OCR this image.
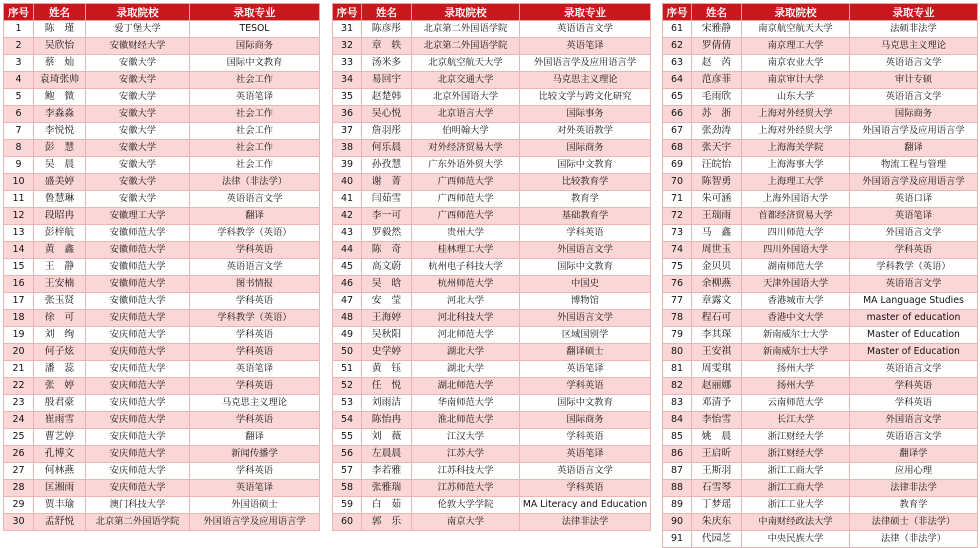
序号	姓名	录取院校	录取专业
1	陈　瑾	爱丁堡大学	TESOL
2	吴欣怡	安徽财经大学	国际商务
3	蔡　灿	安徽大学	国际中文教育
4	袁琦张帅	安徽大学	社会工作
5	鲍　微	安徽大学	英语笔译
6	李淼淼	安徽大学	社会工作
7	李悦悦	安徽大学	社会工作
8	彭　慧	安徽大学	社会工作
9	吴　晨	安徽大学	社会工作
10	盛美婷	安徽大学	法律（非法学）
11	鲁慧琳	安徽大学	英语语言文学
12	段昭冉	安徽理工大学	翻译
13	彭梓航	安徽师范大学	学科教学（英语）
14	黄　鑫	安徽师范大学	学科英语
15	王　静	安徽师范大学	英语语言文学
16	王安楠	安徽师范大学	图书情报
17	张玉贤	安徽师范大学	学科英语
18	徐　可	安庆师范大学	学科教学（英语）
19	刘　绚	安庆师范大学	学科英语
20	何子炫	安庆师范大学	学科英语
21	潘　蕊	安庆师范大学	英语笔译
22	张　婷	安庆师范大学	学科英语
23	殷君豪	安庆师范大学	马克思主义理论
24	崔雨雪	安庆师范大学	学科英语
25	曹艺婷	安庆师范大学	翻译
26	孔博文	安庆师范大学	新闻传播学
27	何林燕	安庆师范大学	学科英语
28	匡湘雨	安庆师范大学	英语笔译
29	贾丰瑜	澳门科技大学	外国语硕士
30	孟舒悦	北京第二外国语学院	外国语言学及应用语言学
序号	姓名	录取院校	录取专业
31	陈彦彤	北京第二外国语学院	英语语言文学
32	章　轶	北京第二外国语学院	英语笔译
33	汤米多	北京航空航天大学	外国语言学及应用语言学
34	易回宇	北京交通大学	马克思主义理论
35	赵楚韩	北京外国语大学	比较文学与跨文化研究
36	吴心悦	北京语言大学	国际事务
37	詹羽彤	伯明翰大学	对外英语教学
38	何乐晨	对外经济贸易大学	国际商务
39	孙孜慧	广东外语外贸大学	国际中文教育
40	谢　菁	广西师范大学	比较教育学
41	闫茹雪	广西师范大学	教育学
42	李一可	广西师范大学	基础教育学
43	罗毅然	贵州大学	学科英语
44	陈　奇	桂林理工大学	外国语言文学
45	高文蔚	杭州电子科技大学	国际中文教育
46	吴　晗	杭州师范大学	中国史
47	安　莹	河北大学	博物馆
48	王海婷	河北科技大学	外国语言文学
49	吴秋阳	河北师范大学	区域国别学
50	史学婷	湖北大学	翻译硕士
51	黄　钰	湖北大学	英语笔译
52	任　悦	湖北师范大学	学科英语
53	刘雨洁	华南师范大学	国际中文教育
54	陈怡冉	淮北师范大学	国际商务
55	刘　薇	江汉大学	学科英语
56	左晨晨	江苏大学	英语笔译
57	李若雅	江苏科技大学	英语语言文学
58	张雅瑞	江苏师范大学	学科英语
59	白　茹	伦敦大学学院	MA Literacy and Education
60	郭　乐	南京大学	法律非法学
序号	姓名	录取院校	录取专业
61	宋雅静	南京航空航天大学	法硕非法学
62	罗倩倩	南京理工大学	马克思主义理论
63	赵　芮	南京农业大学	英语语言文学
64	范彦菲	南京审计大学	审计专硕
65	毛雨欣	山东大学	英语语言文学
66	苏　浙	上海对外经贸大学	国际商务
67	张劲涛	上海对外经贸大学	外国语言学及应用语言学
68	张天宇	上海海关学院	翻译
69	汪皖怡	上海海事大学	物流工程与管理
70	陈智勇	上海理工大学	外国语言学及应用语言学
71	朱可涵	上海外国语大学	英语口译
72	王瑞雨	首都经济贸易大学	英语笔译
73	马　鑫	四川师范大学	外国语言文学
74	周世玉	四川外国语大学	学科英语
75	金贝贝	湖南师范大学	学科教学（英语）
76	余柳燕	天津外国语大学	英语语言文学
77	章露文	香港城市大学	MA Language Studies
78	程石可	香港中文大学	master of education
79	李其琛	新南威尔士大学	Master of Education
80	王安祺	新南威尔士大学	Master of Education
81	周雯琪	扬州大学	英语语言文学
82	赵丽娜	扬州大学	学科英语
83	邓清予	云南师范大学	学科英语
84	李怡雪	长江大学	外国语言文学
85	姚　晨	浙江财经大学	英语语言文学
86	王启昕	浙江财经大学	翻译学
87	王斯羽	浙江工商大学	应用心理
88	石雪琴	浙江工商大学	法律非法学
89	丁梦瑶	浙江工业大学	教育学
90	朱庆东	中南财经政法大学	法律硕士（非法学）
91	代园芝	中央民族大学	法律（非法学）
